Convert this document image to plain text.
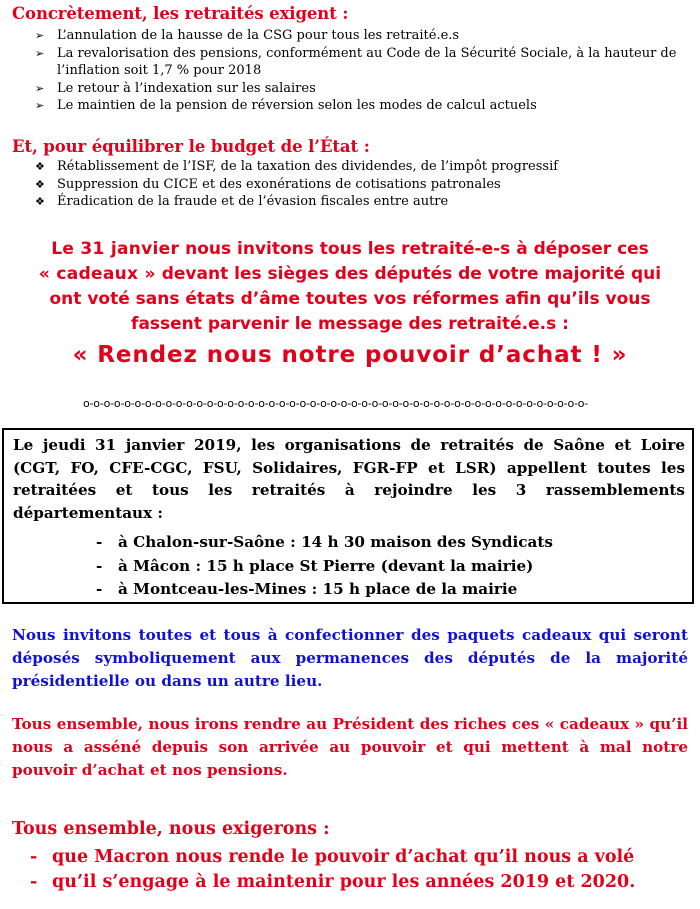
Concrètement, les retraités exigent :
➢ L’annulation de la hausse de la CSG pour tous les retraité.e.s
➢ La revalorisation des pensions, conformément au Code de la Sécurité Sociale, à la hauteur de
l’inflation soit 1,7 % pour 2018
➢ Le retour à l’indexation sur les salaires
➢ Le maintien de la pension de réversion selon les modes de calcul actuels
Et, pour équilibrer le budget de l’État :
❖ Rétablissement de l’ISF, de la taxation des dividendes, de l’impôt progressif
❖ Suppression du CICE et des exonérations de cotisations patronales
❖ Éradication de la fraude et de l’évasion fiscales entre autre

Le 31 janvier nous invitons tous les retraité-e-s à déposer ces

« cadeaux » devant les sièges des députés de votre majorité qui

ont voté sans états d’âme toutes vos réformes afin qu’ils vous

fassent parvenir le message des retraité.e.s :

« Rendez nous notre pouvoir d’achat ! »

o-o-o-o-o-o-o-o-o-o-o-o-o-o-o-o-o-o-o-o-o-o-o-o-o-o-o-o-o-o-o-o-o-o-o-o-o-o-o-o-o-o-o-o-o-o-o-o-o-

Le jeudi 31 janvier 2019, les organisations de retraités de Saône et Loire (CGT, FO, CFE-CGC, FSU, Solidaires, FGR-FP et LSR) appellent toutes les retraitées et tous les retraités à rejoindre les 3 rassemblements départementaux :

- à Chalon-sur-Saône : 14 h 30 maison des Syndicats
- à Mâcon : 15 h place St Pierre (devant la mairie)
- à Montceau-les-Mines : 15 h place de la mairie

Nous invitons toutes et tous à confectionner des paquets cadeaux qui seront déposés symboliquement aux permanences des députés de la majorité présidentielle ou dans un autre lieu.

Tous ensemble, nous irons rendre au Président des riches ces « cadeaux » qu’il nous a asséné depuis son arrivée au pouvoir et qui mettent à mal notre pouvoir d’achat et nos pensions.

Tous ensemble, nous exigerons :
- que Macron nous rende le pouvoir d’achat qu’il nous a volé
- qu’il s’engage à le maintenir pour les années 2019 et 2020.
